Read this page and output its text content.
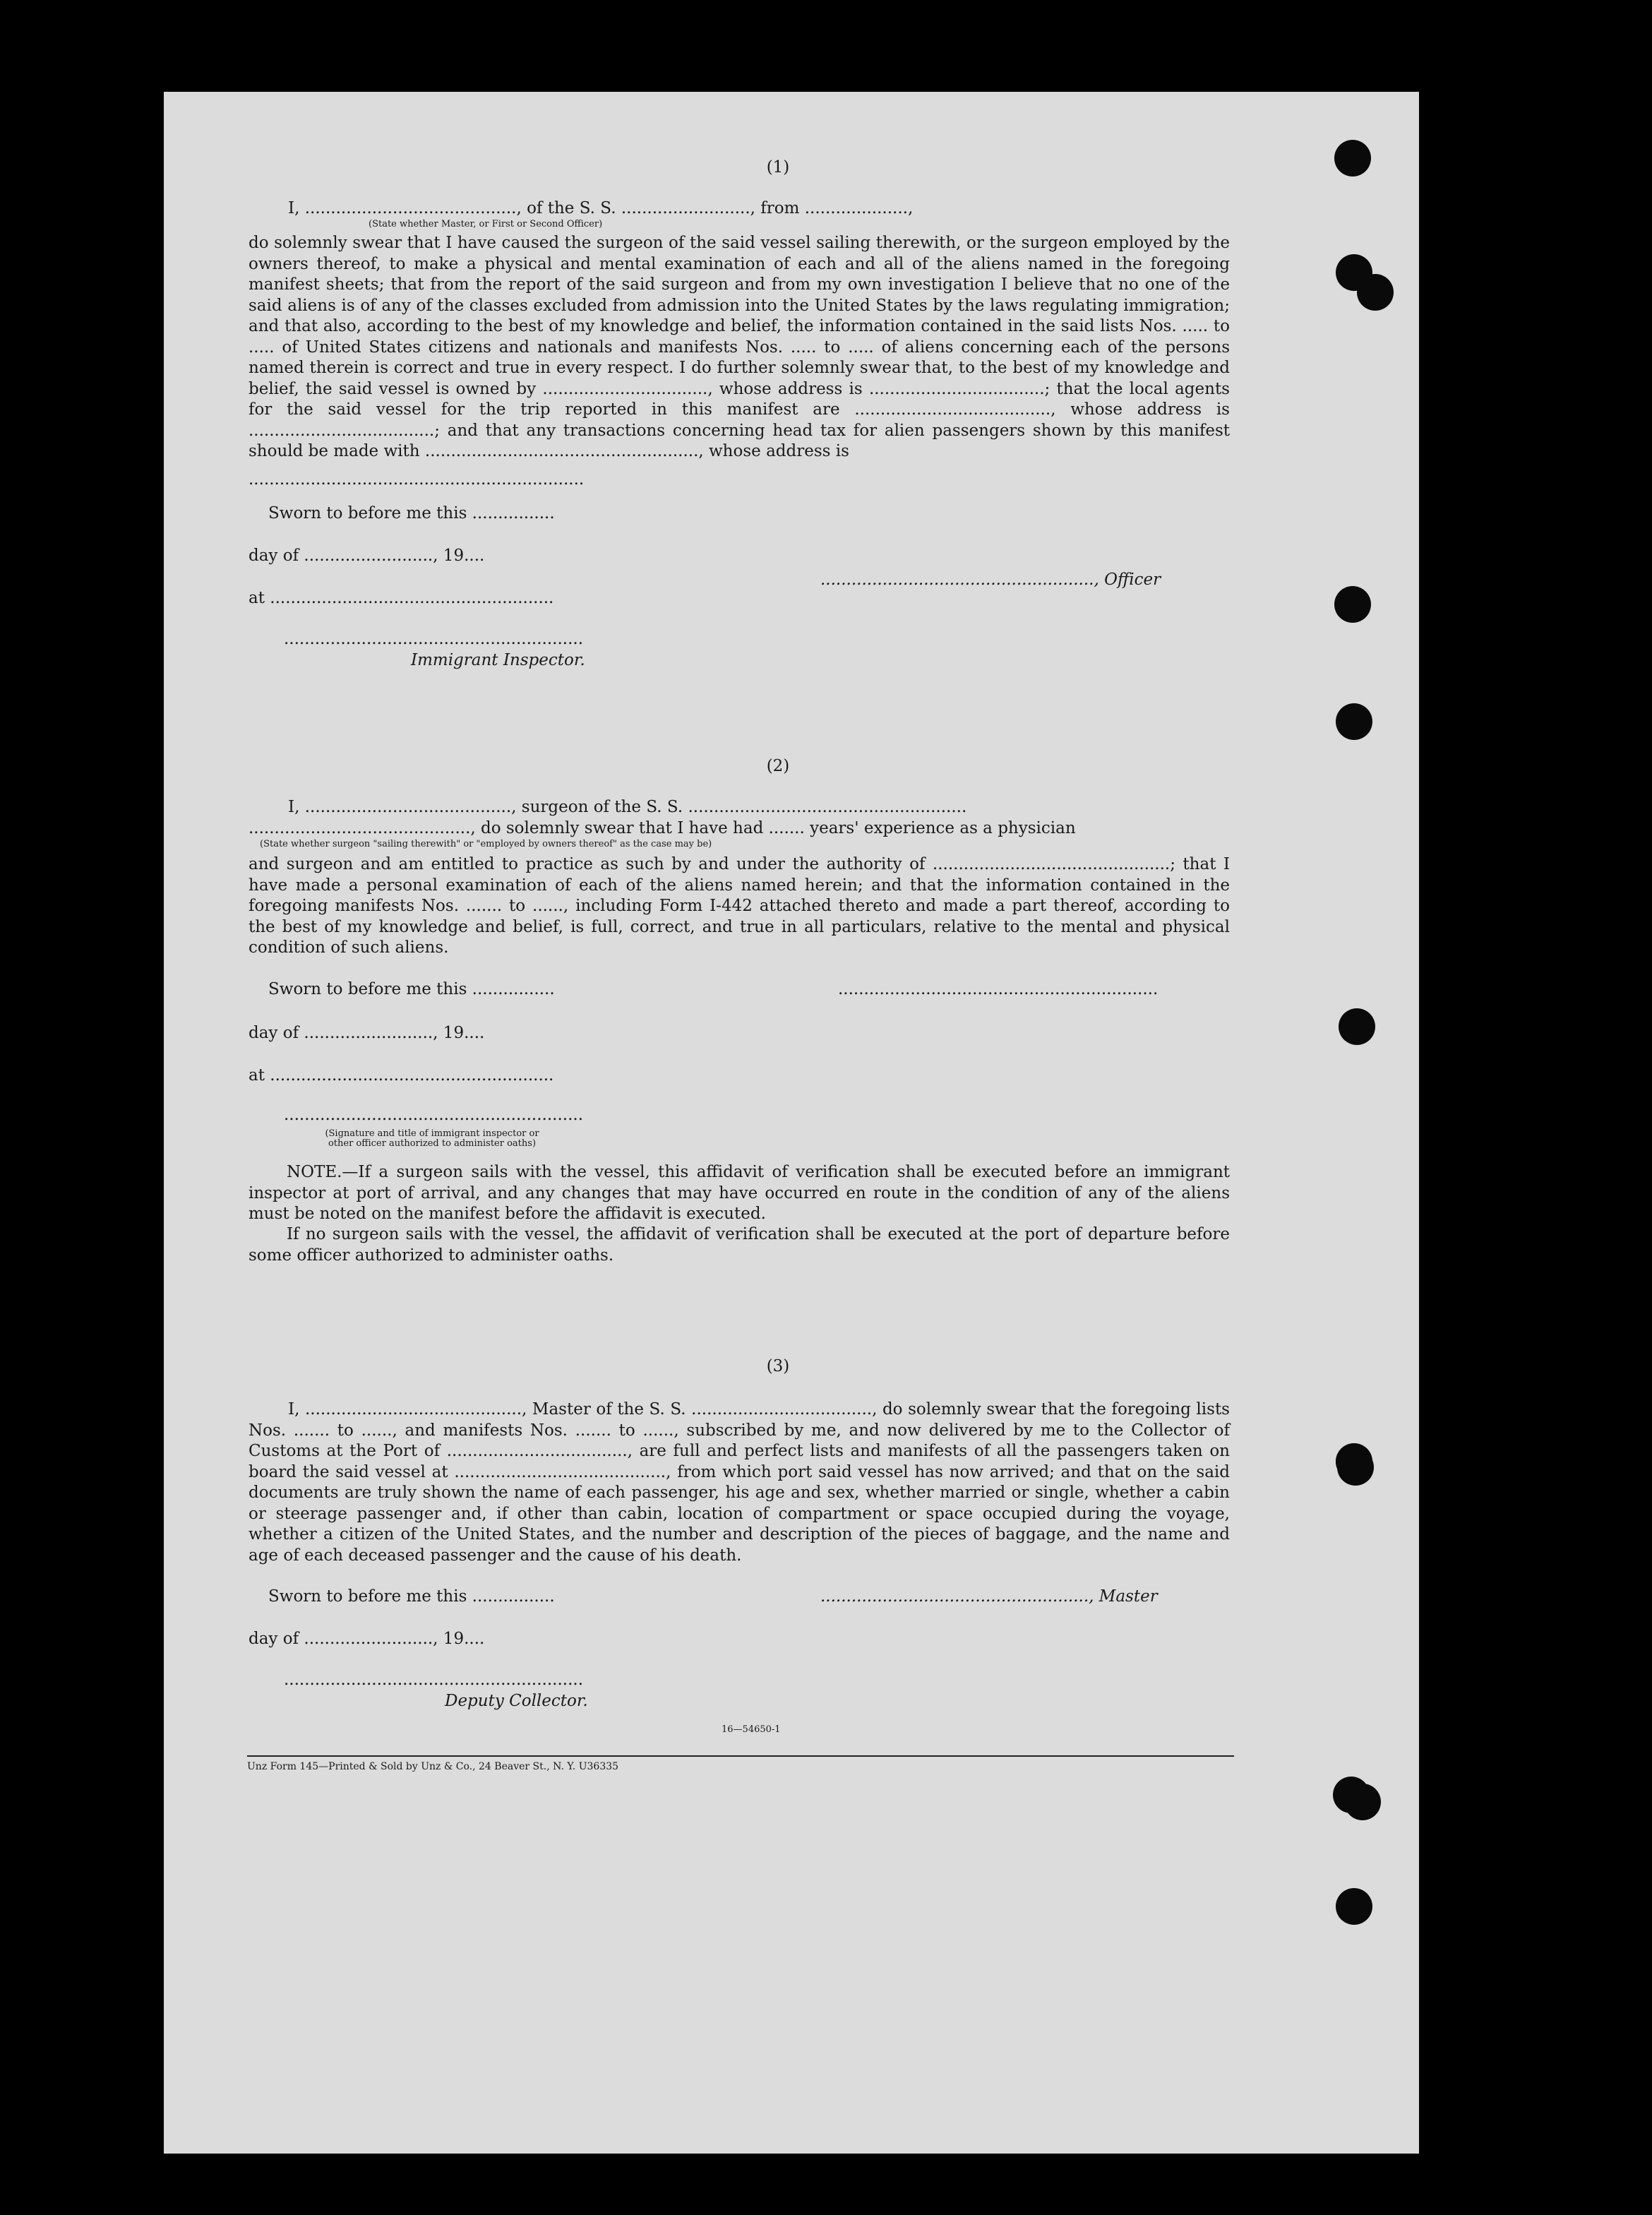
(1)
I, ........................................., of the S. S. ........................., from ....................,
(State whether Master, or First or Second Officer)
do solemnly swear that I have caused the surgeon of the said vessel sailing therewith, or the surgeon employed by the owners thereof, to make a physical and mental examination of each and all of the aliens named in the foregoing manifest sheets; that from the report of the said surgeon and from my own investigation I believe that no one of the said aliens is of any of the classes excluded from admission into the United States by the laws regulating immigration; and that also, according to the best of my knowledge and belief, the information contained in the said lists Nos. ..... to ..... of United States citizens and nationals and manifests Nos. ..... to ..... of aliens concerning each of the persons named therein is correct and true in every respect. I do further solemnly swear that, to the best of my knowledge and belief, the said vessel is owned by ................................, whose address is ..................................; that the local agents for the said vessel for the trip reported in this manifest are ......................................, whose address is ....................................; and that any transactions concerning head tax for alien passengers shown by this manifest should be made with ....................................................., whose address is
.................................................................
Sworn to before me this ................
day of ........................., 19....
....................................................., Officer
at .......................................................
..........................................................
Immigrant Inspector.
(2)
I, ........................................, surgeon of the S. S. ......................................................
..........................................., do solemnly swear that I have had ....... years' experience as a physician
(State whether surgeon "sailing therewith" or "employed by owners thereof" as the case may be)
and surgeon and am entitled to practice as such by and under the authority of ..............................................; that I have made a personal examination of each of the aliens named herein; and that the information contained in the foregoing manifests Nos. ....... to ......, including Form I-442 attached thereto and made a part thereof, according to the best of my knowledge and belief, is full, correct, and true in all particulars, relative to the mental and physical condition of such aliens.
Sworn to before me this ................	..............................................................
day of ........................., 19....
at .......................................................
..........................................................
(Signature and title of immigrant inspector or
other officer authorized to administer oaths)
NOTE.—If a surgeon sails with the vessel, this affidavit of verification shall be executed before an immigrant inspector at port of arrival, and any changes that may have occurred en route in the condition of any of the aliens must be noted on the manifest before the affidavit is executed.
If no surgeon sails with the vessel, the affidavit of verification shall be executed at the port of departure before some officer authorized to administer oaths.
(3)
I, .........................................., Master of the S. S. ..................................., do solemnly swear that the foregoing lists Nos. ....... to ......, and manifests Nos. ....... to ......, subscribed by me, and now delivered by me to the Collector of Customs at the Port of ..................................., are full and perfect lists and manifests of all the passengers taken on board the said vessel at ........................................., from which port said vessel has now arrived; and that on the said documents are truly shown the name of each passenger, his age and sex, whether married or single, whether a cabin or steerage passenger and, if other than cabin, location of compartment or space occupied during the voyage, whether a citizen of the United States, and the number and description of the pieces of baggage, and the name and age of each deceased passenger and the cause of his death.
Sworn to before me this ................	...................................................., Master
day of ........................., 19....
..........................................................
Deputy Collector.
16—54650-1
Unz Form 145—Printed & Sold by Unz & Co., 24 Beaver St., N. Y. U36335
